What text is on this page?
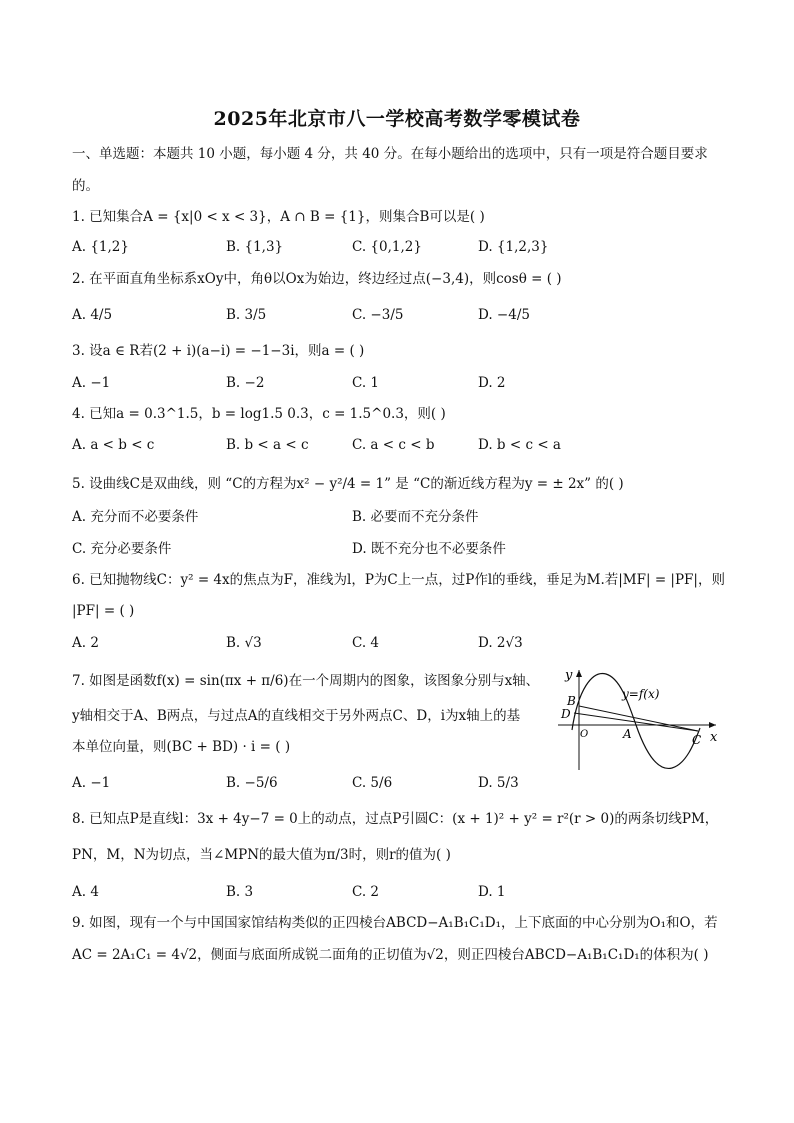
2025年北京市八一学校高考数学零模试卷
一、单选题：本题共 10 小题，每小题 4 分，共 40 分。在每小题给出的选项中，只有一项是符合题目要求
的。
1. 已知集合A = {x|0 < x < 3}，A ∩ B = {1}，则集合B可以是( )
A. {1,2}	B. {1,3}	C. {0,1,2}	D. {1,2,3}
2. 在平面直角坐标系xOy中，角θ以Ox为始边，终边经过点(−3,4)，则cosθ = ( )
A. 4/5	B. 3/5	C. −3/5	D. −4/5
3. 设a ∈ R若(2 + i)(a−i) = −1−3i，则a = ( )
A. −1	B. −2	C. 1	D. 2
4. 已知a = 0.3^1.5，b = log1.5 0.3，c = 1.5^0.3，则( )
A. a < b < c	B. b < a < c	C. a < c < b	D. b < c < a
5. 设曲线C是双曲线，则 “C的方程为x² − y²/4 = 1” 是 “C的渐近线方程为y = ± 2x” 的( )
A. 充分而不必要条件	B. 必要而不充分条件
C. 充分必要条件	D. 既不充分也不必要条件
6. 已知抛物线C：y² = 4x的焦点为F，准线为l，P为C上一点，过P作l的垂线，垂足为M.若|MF| = |PF|，则
|PF| = ( )
A. 2	B. √3	C. 4	D. 2√3
7. 如图是函数f(x) = sin(πx + π/6)在一个周期内的图象，该图象分别与x轴、
y轴相交于A、B两点，与过点A的直线相交于另外两点C、D，i为x轴上的基
本单位向量，则(BC + BD) · i = ( )
A. −1	B. −5/6	C. 5/6	D. 5/3
y
x
O
B
D
A	C
y=f(x)
8. 已知点P是直线l：3x + 4y−7 = 0上的动点，过点P引圆C：(x + 1)² + y² = r²(r > 0)的两条切线PM，
PN，M，N为切点，当∠MPN的最大值为π/3时，则r的值为( )
A. 4	B. 3	C. 2	D. 1
9. 如图，现有一个与中国国家馆结构类似的正四棱台ABCD−A₁B₁C₁D₁，上下底面的中心分别为O₁和O，若
AC = 2A₁C₁ = 4√2，侧面与底面所成锐二面角的正切值为√2，则正四棱台ABCD−A₁B₁C₁D₁的体积为( )
